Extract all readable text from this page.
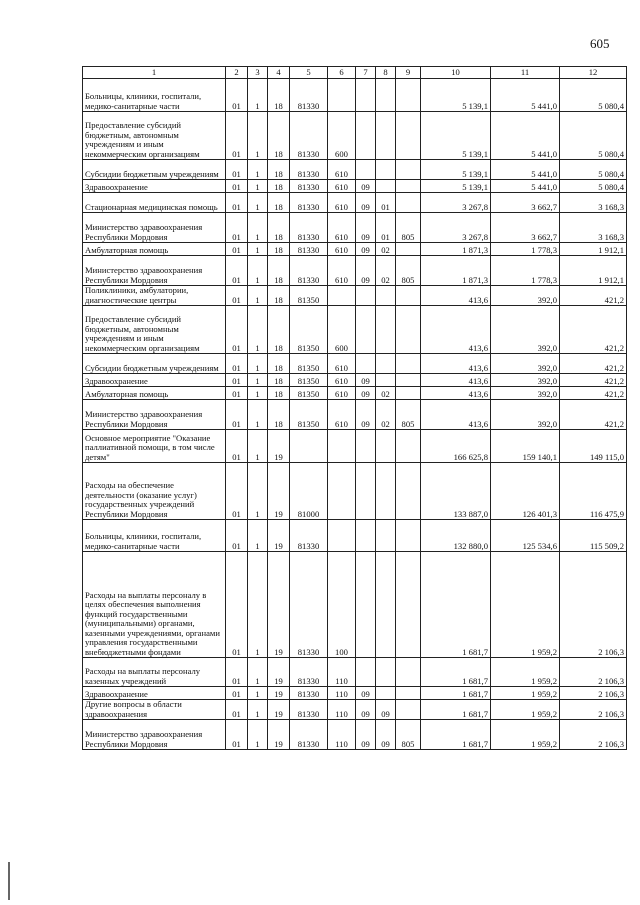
605
1	2	3	4	5	6	7	8	9	10	11	12
Больницы, клиники, госпитали, медико-санитарные части	01	1	18	81330					5 139,1	5 441,0	5 080,4
Предоставление субсидий бюджетным, автономным учреждениям и иным некоммерческим организациям	01	1	18	81330	600				5 139,1	5 441,0	5 080,4
Субсидии бюджетным учреждениям	01	1	18	81330	610				5 139,1	5 441,0	5 080,4
Здравоохранение	01	1	18	81330	610	09			5 139,1	5 441,0	5 080,4
Стационарная медицинская помощь	01	1	18	81330	610	09	01		3 267,8	3 662,7	3 168,3
Министерство здравоохранения Республики Мордовия	01	1	18	81330	610	09	01	805	3 267,8	3 662,7	3 168,3
Амбулаторная помощь	01	1	18	81330	610	09	02		1 871,3	1 778,3	1 912,1
Министерство здравоохранения Республики Мордовия	01	1	18	81330	610	09	02	805	1 871,3	1 778,3	1 912,1
Поликлиники, амбулатории, диагностические центры	01	1	18	81350					413,6	392,0	421,2
Предоставление субсидий бюджетным, автономным учреждениям и иным некоммерческим организациям	01	1	18	81350	600				413,6	392,0	421,2
Субсидии бюджетным учреждениям	01	1	18	81350	610				413,6	392,0	421,2
Здравоохранение	01	1	18	81350	610	09			413,6	392,0	421,2
Амбулаторная помощь	01	1	18	81350	610	09	02		413,6	392,0	421,2
Министерство здравоохранения Республики Мордовия	01	1	18	81350	610	09	02	805	413,6	392,0	421,2
Основное мероприятие "Оказание паллиативной помощи, в том числе детям"	01	1	19						166 625,8	159 140,1	149 115,0
Расходы на обеспечение деятельности (оказание услуг) государственных учреждений Республики Мордовия	01	1	19	81000					133 887,0	126 401,3	116 475,9
Больницы, клиники, госпитали, медико-санитарные части	01	1	19	81330					132 880,0	125 534,6	115 509,2
Расходы на выплаты персоналу в целях обеспечения выполнения функций государственными (муниципальными) органами, казенными учреждениями, органами управления государственными внебюджетными фондами	01	1	19	81330	100				1 681,7	1 959,2	2 106,3
Расходы на выплаты персоналу казенных учреждений	01	1	19	81330	110				1 681,7	1 959,2	2 106,3
Здравоохранение	01	1	19	81330	110	09			1 681,7	1 959,2	2 106,3
Другие вопросы в области здравоохранения	01	1	19	81330	110	09	09		1 681,7	1 959,2	2 106,3
Министерство здравоохранения Республики Мордовия	01	1	19	81330	110	09	09	805	1 681,7	1 959,2	2 106,3
